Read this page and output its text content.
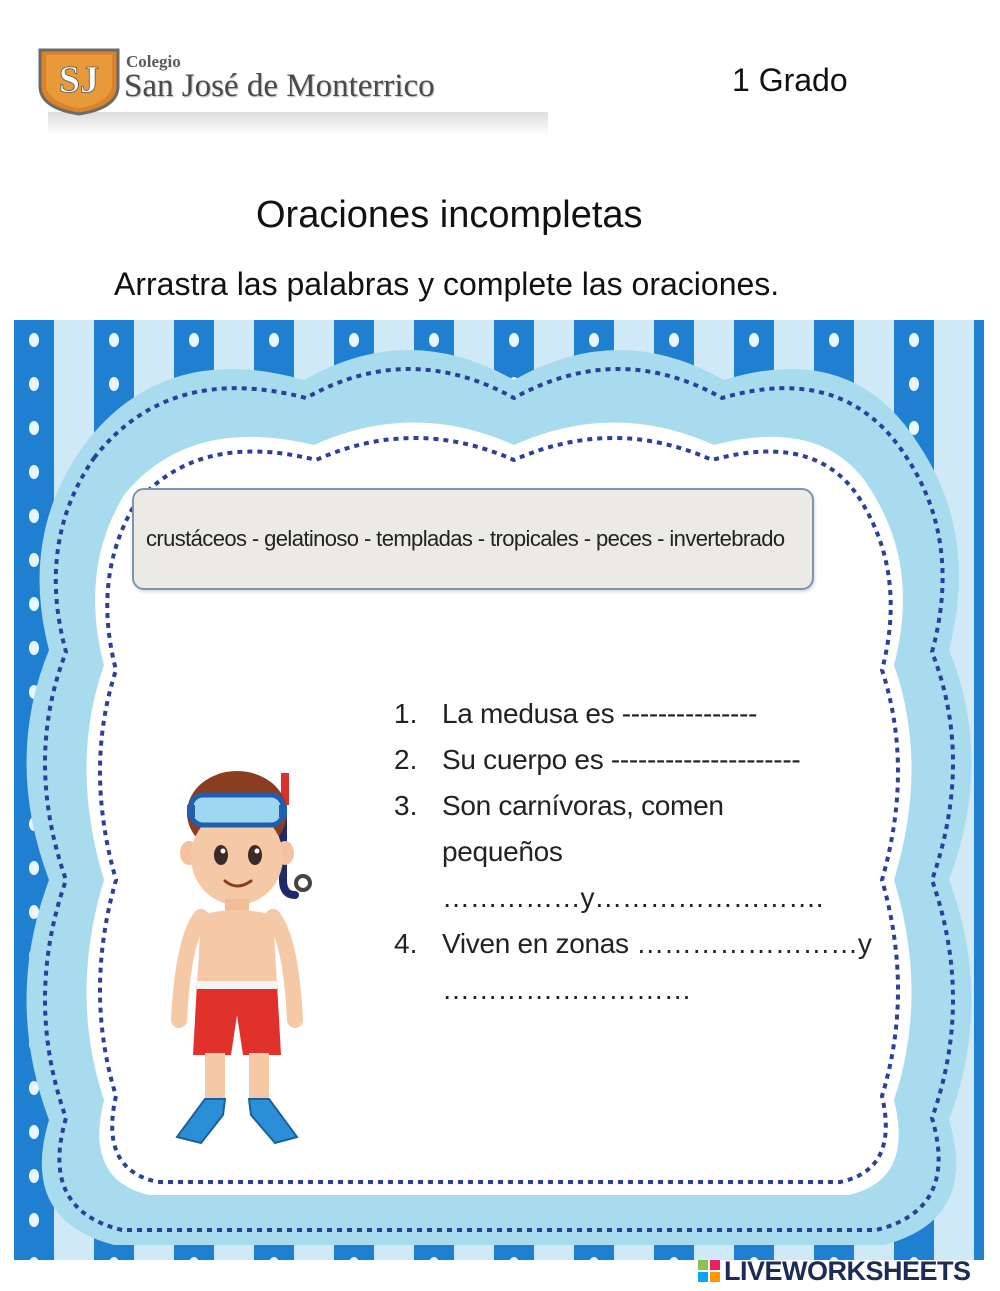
SJ Colegio
San José de Monterrico	1 Grado
Oraciones incompletas
Arrastra las palabras y complete las oraciones.
crustáceos - gelatinoso - templadas - tropicales - peces - invertebrado
1. La medusa es ---------------
2. Su cuerpo es ---------------------
3. Son carnívoras, comen
pequeños
……………y…………………….
4. Viven en zonas ……………………y
………………………
LIVEWORKSHEETS
